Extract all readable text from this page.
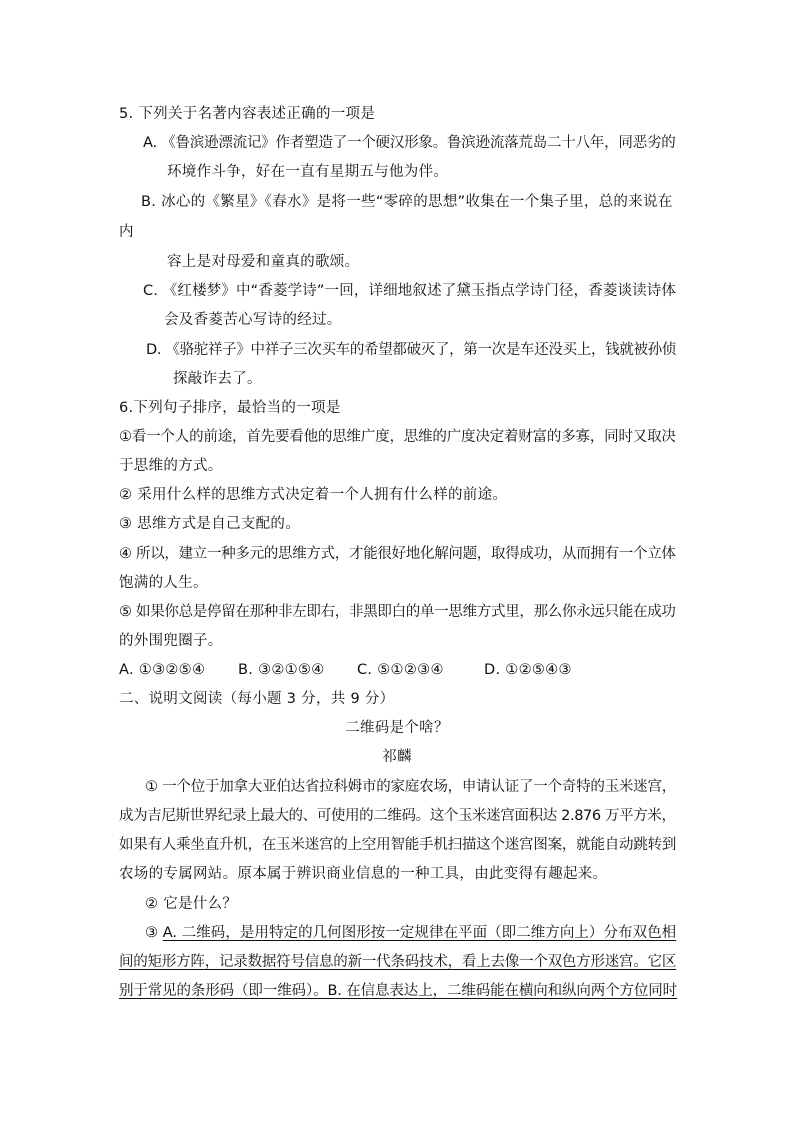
5. 下列关于名著内容表述正确的一项是
A. 《鲁滨逊漂流记》作者塑造了一个硬汉形象。鲁滨逊流落荒岛二十八年，同恶劣的
环境作斗争，好在一直有星期五与他为伴。
B. 冰心的《繁星》《春水》是将一些“零碎的思想”收集在一个集子里，总的来说在
内
容上是对母爱和童真的歌颂。
C. 《红楼梦》中“香菱学诗”一回，详细地叙述了黛玉指点学诗门径，香菱谈读诗体
会及香菱苦心写诗的经过。
D. 《骆驼祥子》中祥子三次买车的希望都破灭了，第一次是车还没买上，钱就被孙侦
探敲诈去了。
6.下列句子排序，最恰当的一项是
①看一个人的前途，首先要看他的思维广度，思维的广度决定着财富的多寡，同时又取决
于思维的方式。
② 采用什么样的思维方式决定着一个人拥有什么样的前途。
③ 思维方式是自己支配的。
④ 所以，建立一种多元的思维方式，才能很好地化解问题，取得成功，从而拥有一个立体
饱满的人生。
⑤ 如果你总是停留在那种非左即右，非黑即白的单一思维方式里，那么你永远只能在成功
的外围兜圈子。
A. ①③②⑤④ B. ③②①⑤④ C. ⑤①②③④	D. ①②⑤④③
二、说明文阅读（每小题 3 分，共 9 分）
二维码是个啥？
祁麟
① 一个位于加拿大亚伯达省拉科姆市的家庭农场，申请认证了一个奇特的玉米迷宫，
成为吉尼斯世界纪录上最大的、可使用的二维码。这个玉米迷宫面积达 2.876 万平方米，
如果有人乘坐直升机，在玉米迷宫的上空用智能手机扫描这个迷宫图案，就能自动跳转到
农场的专属网站。原本属于辨识商业信息的一种工具，由此变得有趣起来。
② 它是什么？
③ A. 二维码，是用特定的几何图形按一定规律在平面（即二维方向上）分布双色相
间的矩形方阵，记录数据符号信息的新一代条码技术，看上去像一个双色方形迷宫。它区
别于常见的条形码（即一维码）。B. 在信息表达上，二维码能在横向和纵向两个方位同时
